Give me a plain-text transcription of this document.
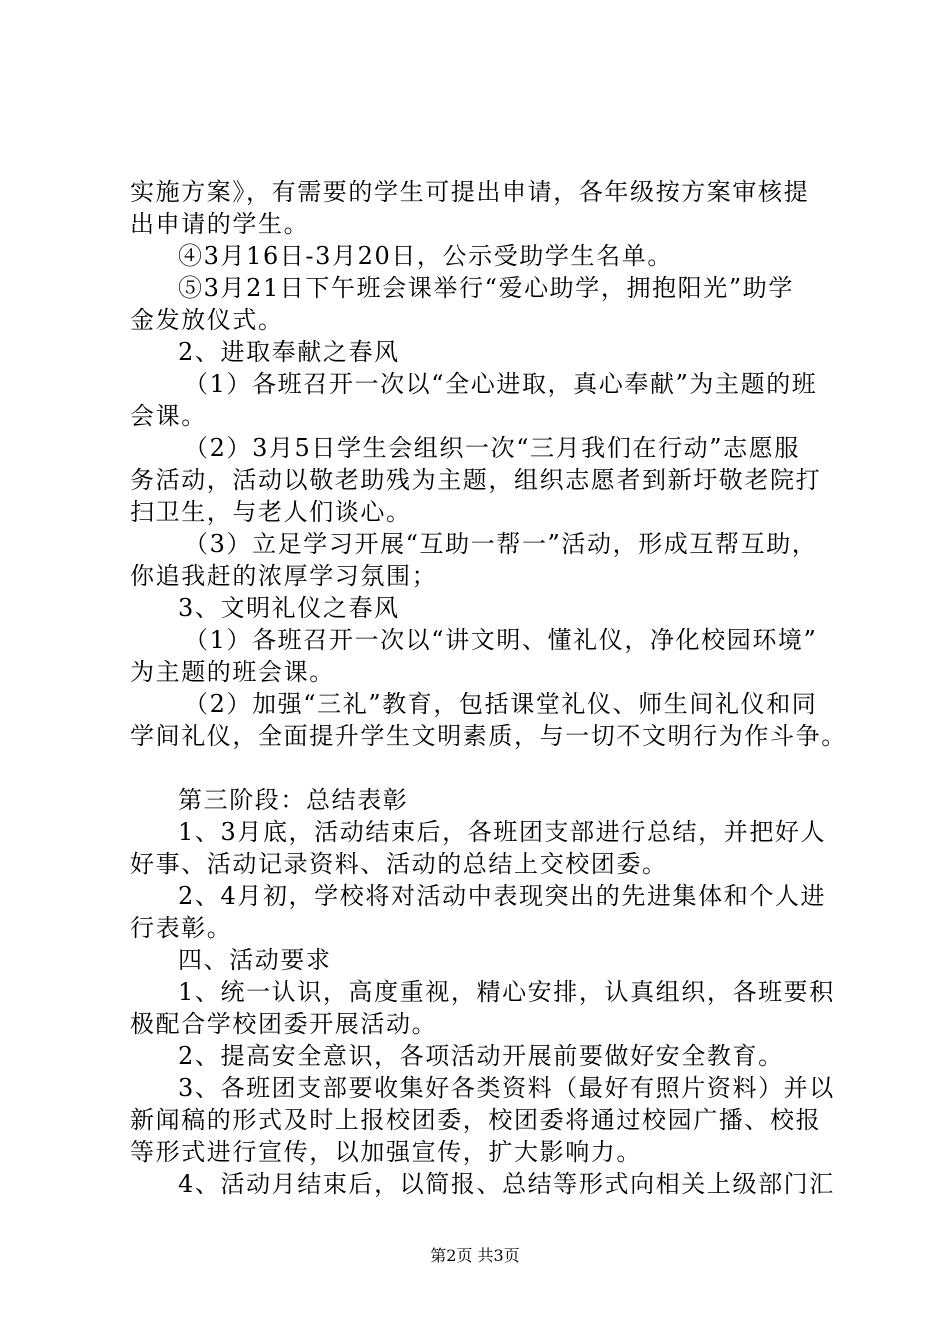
实施方案》，有需要的学生可提出申请，各年级按方案审核提
出申请的学生。
④3月16日-3月20日，公示受助学生名单。
⑤3月21日下午班会课举行“爱心助学，拥抱阳光”助学
金发放仪式。
2、进取奉献之春风
（1）各班召开一次以“全心进取，真心奉献”为主题的班
会课。
（2）3月5日学生会组织一次“三月我们在行动”志愿服
务活动，活动以敬老助残为主题，组织志愿者到新圩敬老院打
扫卫生，与老人们谈心。
（3）立足学习开展“互助一帮一”活动，形成互帮互助，
你追我赶的浓厚学习氛围；
3、文明礼仪之春风
（1）各班召开一次以“讲文明、懂礼仪，净化校园环境”
为主题的班会课。
（2）加强“三礼”教育，包括课堂礼仪、师生间礼仪和同
学间礼仪，全面提升学生文明素质，与一切不文明行为作斗争。
第三阶段：总结表彰
1、3月底，活动结束后，各班团支部进行总结，并把好人
好事、活动记录资料、活动的总结上交校团委。
2、4月初，学校将对活动中表现突出的先进集体和个人进
行表彰。
四、活动要求
1、统一认识，高度重视，精心安排，认真组织，各班要积
极配合学校团委开展活动。
2、提高安全意识，各项活动开展前要做好安全教育。
3、各班团支部要收集好各类资料（最好有照片资料）并以
新闻稿的形式及时上报校团委，校团委将通过校园广播、校报
等形式进行宣传，以加强宣传，扩大影响力。
4、活动月结束后，以简报、总结等形式向相关上级部门汇
第2页 共3页
